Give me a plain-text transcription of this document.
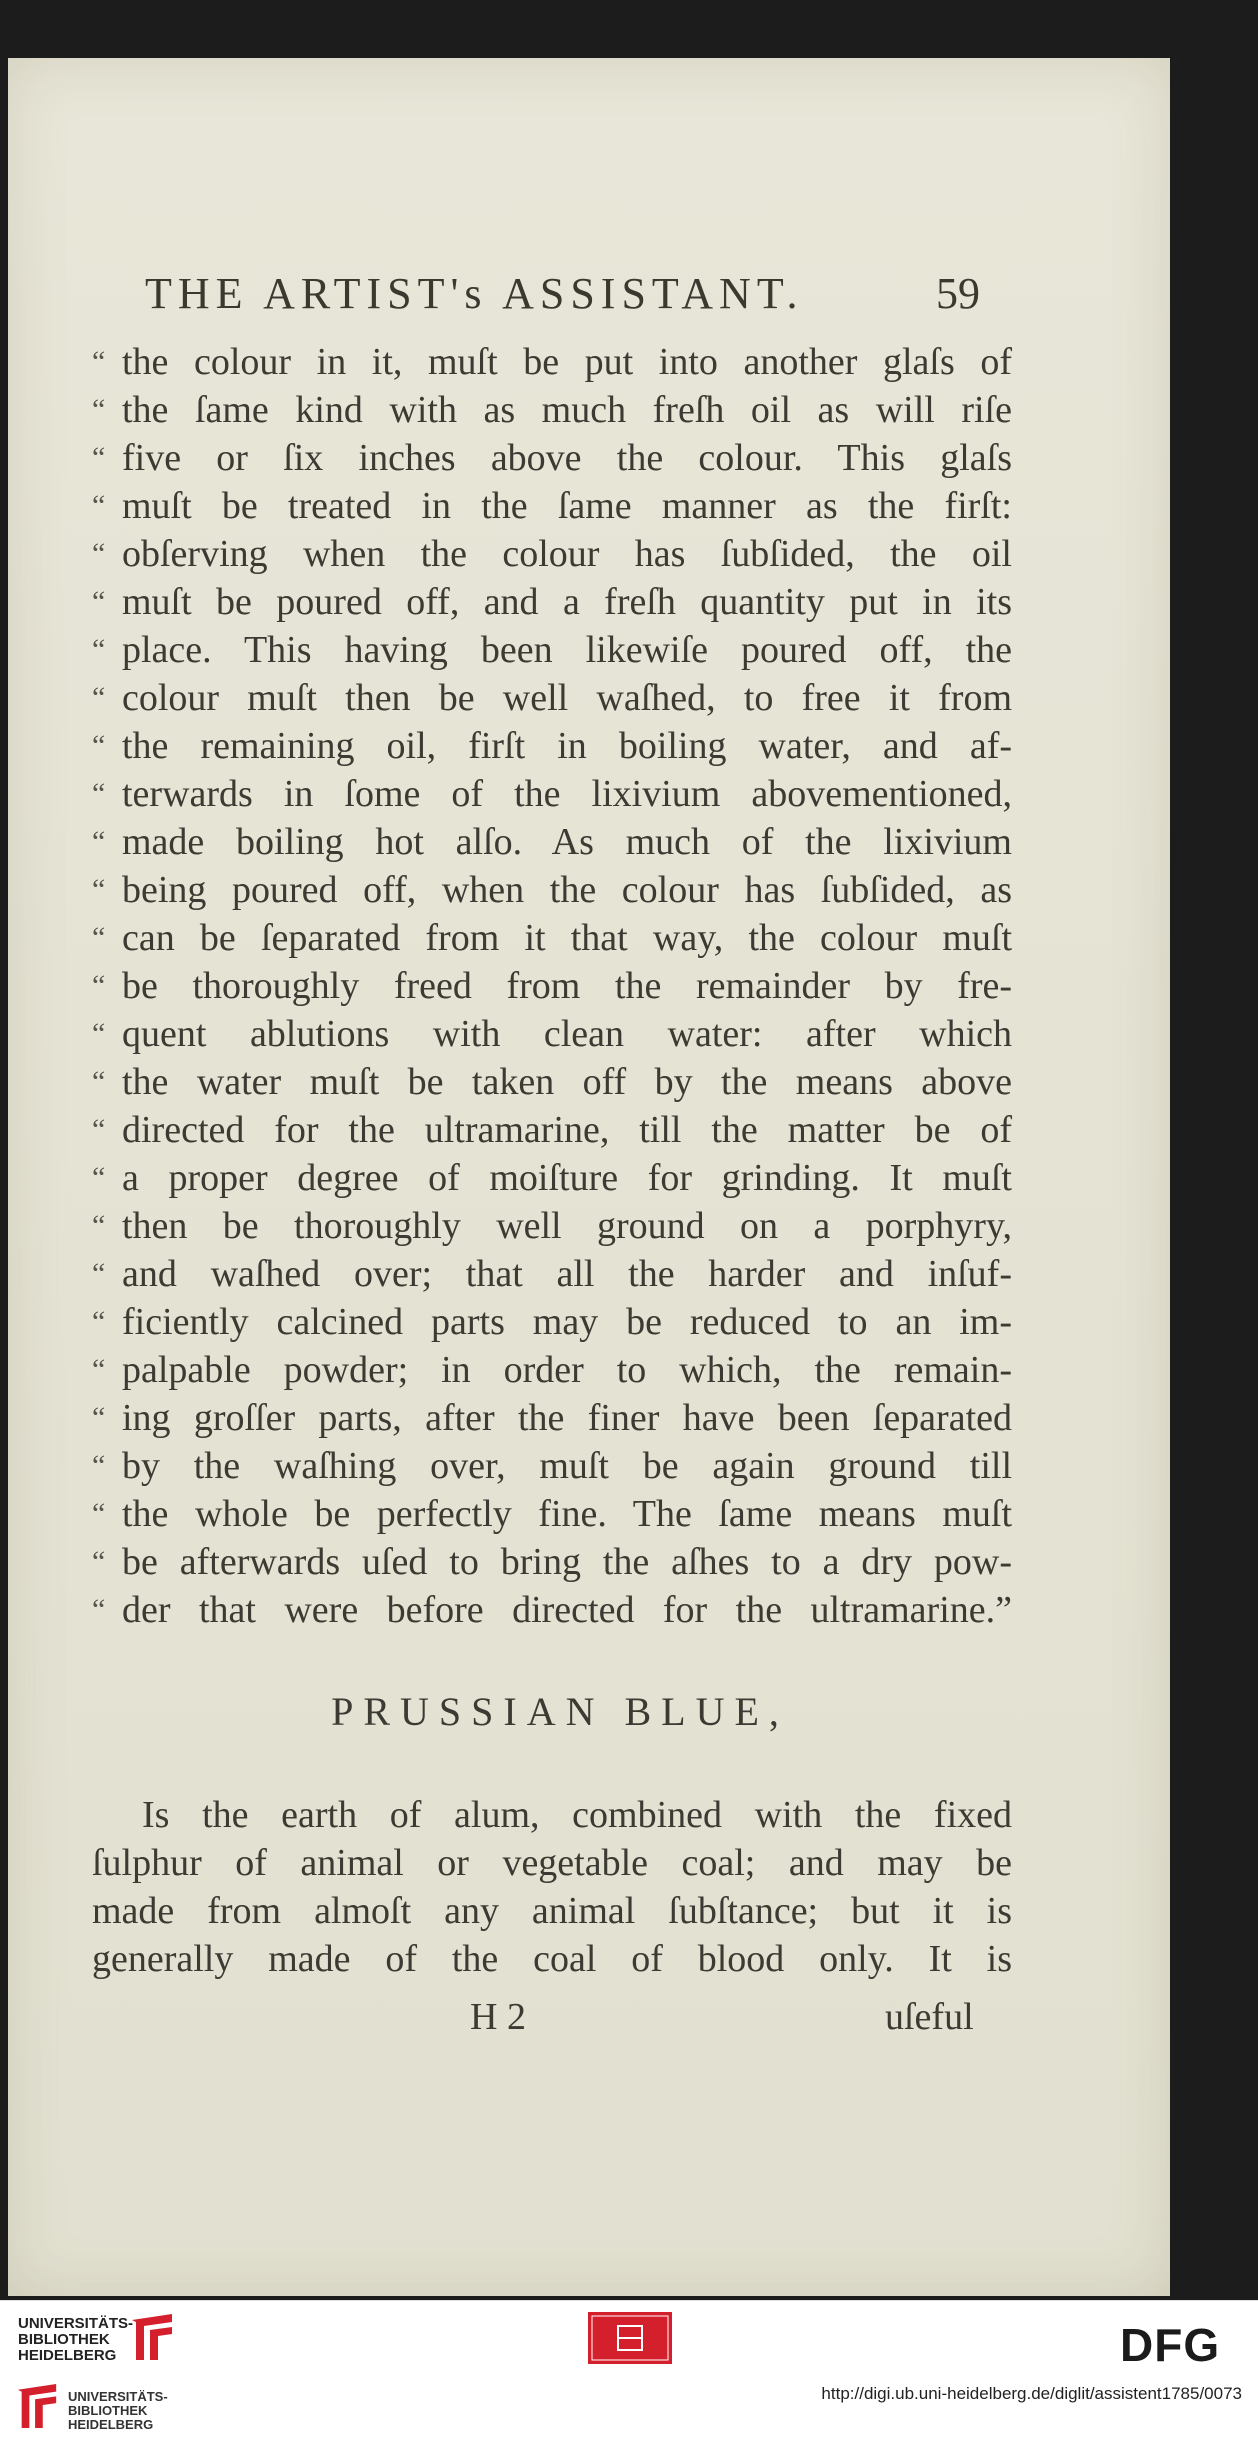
THE ARTIST's ASSISTANT.	59
“ the colour in it, muſt be put into another glaſs of
“ the ſame kind with as much freſh oil as will riſe
“ five or ſix inches above the colour. This glaſs
“ muſt be treated in the ſame manner as the firſt:
“ obſerving when the colour has ſubſided, the oil
“ muſt be poured off, and a freſh quantity put in its
“ place. This having been likewiſe poured off, the
“ colour muſt then be well waſhed, to free it from
“ the remaining oil, firſt in boiling water, and af-
“ terwards in ſome of the lixivium abovementioned,
“ made boiling hot alſo. As much of the lixivium
“ being poured off, when the colour has ſubſided, as
“ can be ſeparated from it that way, the colour muſt
“ be thoroughly freed from the remainder by fre-
“ quent ablutions with clean water: after which
“ the water muſt be taken off by the means above
“ directed for the ultramarine, till the matter be of
“ a proper degree of moiſture for grinding. It muſt
“ then be thoroughly well ground on a porphyry,
“ and waſhed over; that all the harder and inſuf-
“ ficiently calcined parts may be reduced to an im-
“ palpable powder; in order to which, the remain-
“ ing groſſer parts, after the finer have been ſeparated
“ by the waſhing over, muſt be again ground till
“ the whole be perfectly fine. The ſame means muſt
“ be afterwards uſed to bring the aſhes to a dry pow-
“ der that were before directed for the ultramarine.”
PRUSSIAN BLUE,
Is the earth of alum, combined with the fixed
ſulphur of animal or vegetable coal; and may be
made from almoſt any animal ſubſtance; but it is
generally made of the coal of blood only. It is
H 2	uſeful
UNIVERSITÄTS-
BIBLIOTHEK
HEIDELBERG
UNIVERSITÄTS-
BIBLIOTHEK
HEIDELBERG
DFG
http://digi.ub.uni-heidelberg.de/diglit/assistent1785/0073
